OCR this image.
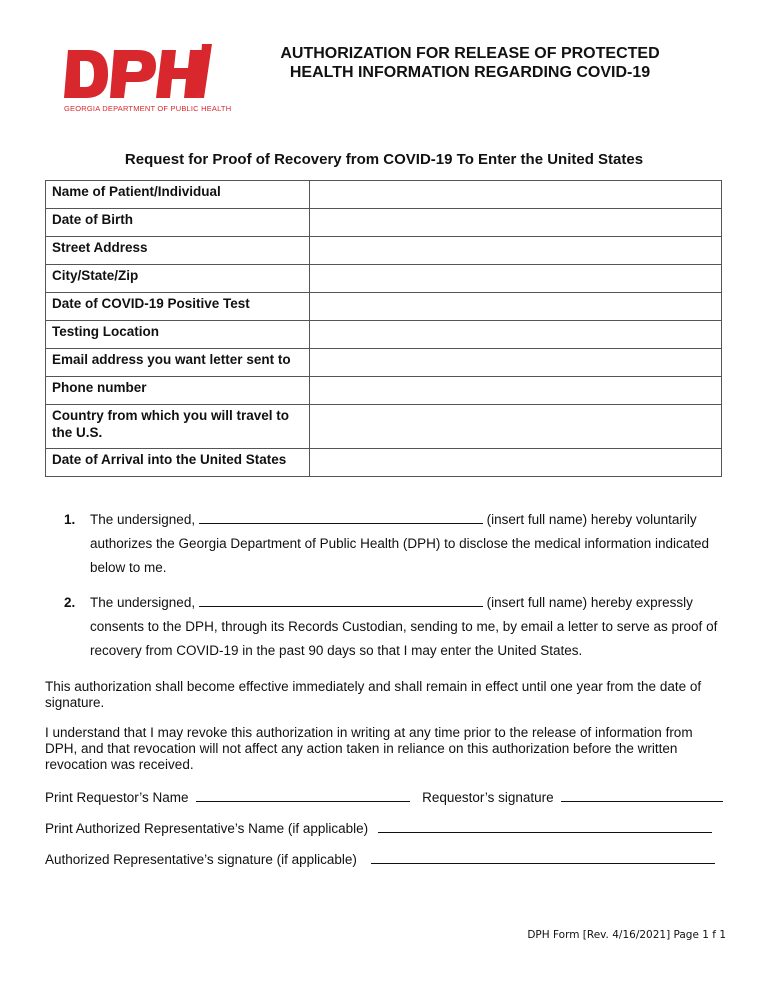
GEORGIA DEPARTMENT OF PUBLIC HEALTH
AUTHORIZATION FOR RELEASE OF PROTECTED
HEALTH INFORMATION REGARDING COVID-19
Request for Proof of Recovery from COVID-19 To Enter the United States
Name of Patient/Individual	
Date of Birth	
Street Address	
City/State/Zip	
Date of COVID-19 Positive Test	
Testing Location	
Email address you want letter sent to	
Phone number	
Country from which you will travel to the U.S.	
Date of Arrival into the United States	
1. The undersigned,	(insert full name) hereby voluntarily authorizes the Georgia Department of Public Health (DPH) to disclose the medical information indicated below to me.
2. The undersigned,	(insert full name) hereby expressly consents to the DPH, through its Records Custodian, sending to me, by email a letter to serve as proof of recovery from COVID-19 in the past 90 days so that I may enter the United States.
This authorization shall become effective immediately and shall remain in effect until one year from the date of signature.
I understand that I may revoke this authorization in writing at any time prior to the release of information from DPH, and that revocation will not affect any action taken in reliance on this authorization before the written revocation was received.
Print Requestor’s Name	Requestor’s signature
Print Authorized Representative’s Name (if applicable)
Authorized Representative’s signature (if applicable)
DPH Form [Rev. 4/16/2021] Page 1 f 1
